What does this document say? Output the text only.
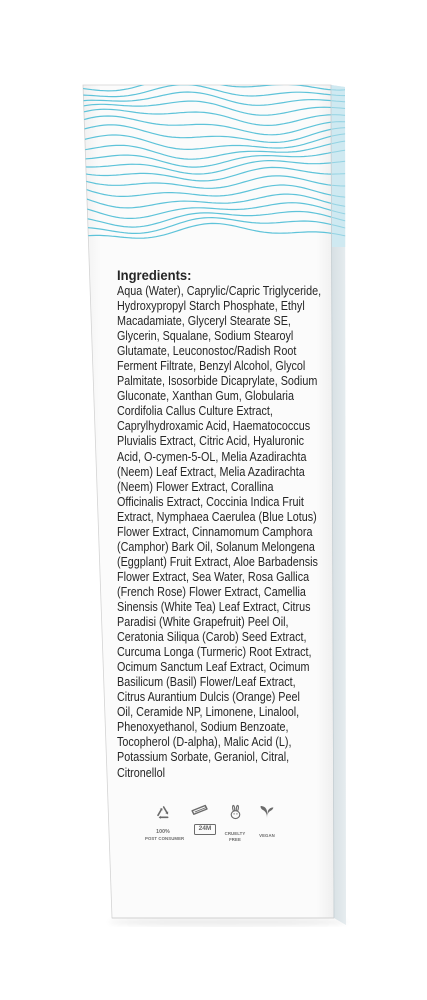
Ingredients:
Aqua (Water), Caprylic/Capric Triglyceride,
Hydroxypropyl Starch Phosphate, Ethyl
Macadamiate, Glyceryl Stearate SE,
Glycerin, Squalane, Sodium Stearoyl
Glutamate, Leuconostoc/Radish Root
Ferment Filtrate, Benzyl Alcohol, Glycol
Palmitate, Isosorbide Dicaprylate, Sodium
Gluconate, Xanthan Gum, Globularia
Cordifolia Callus Culture Extract,
Caprylhydroxamic Acid, Haematococcus
Pluvialis Extract, Citric Acid, Hyaluronic
Acid, O-cymen-5-OL, Melia Azadirachta
(Neem) Leaf Extract, Melia Azadirachta
(Neem) Flower Extract, Corallina
Officinalis Extract, Coccinia Indica Fruit
Extract, Nymphaea Caerulea (Blue Lotus)
Flower Extract, Cinnamomum Camphora
(Camphor) Bark Oil, Solanum Melongena
(Eggplant) Fruit Extract, Aloe Barbadensis
Flower Extract, Sea Water, Rosa Gallica
(French Rose) Flower Extract, Camellia
Sinensis (White Tea) Leaf Extract, Citrus
Paradisi (White Grapefruit) Peel Oil,
Ceratonia Siliqua (Carob) Seed Extract,
Curcuma Longa (Turmeric) Root Extract,
Ocimum Sanctum Leaf Extract, Ocimum
Basilicum (Basil) Flower/Leaf Extract,
Citrus Aurantium Dulcis (Orange) Peel
Oil, Ceramide NP, Limonene, Linalool,
Phenoxyethanol, Sodium Benzoate,
Tocopherol (D-alpha), Malic Acid (L),
Potassium Sorbate, Geraniol, Citral,
Citronellol
100%
POST CONSUMER
24M
CRUELTY
FREE
VEGAN
